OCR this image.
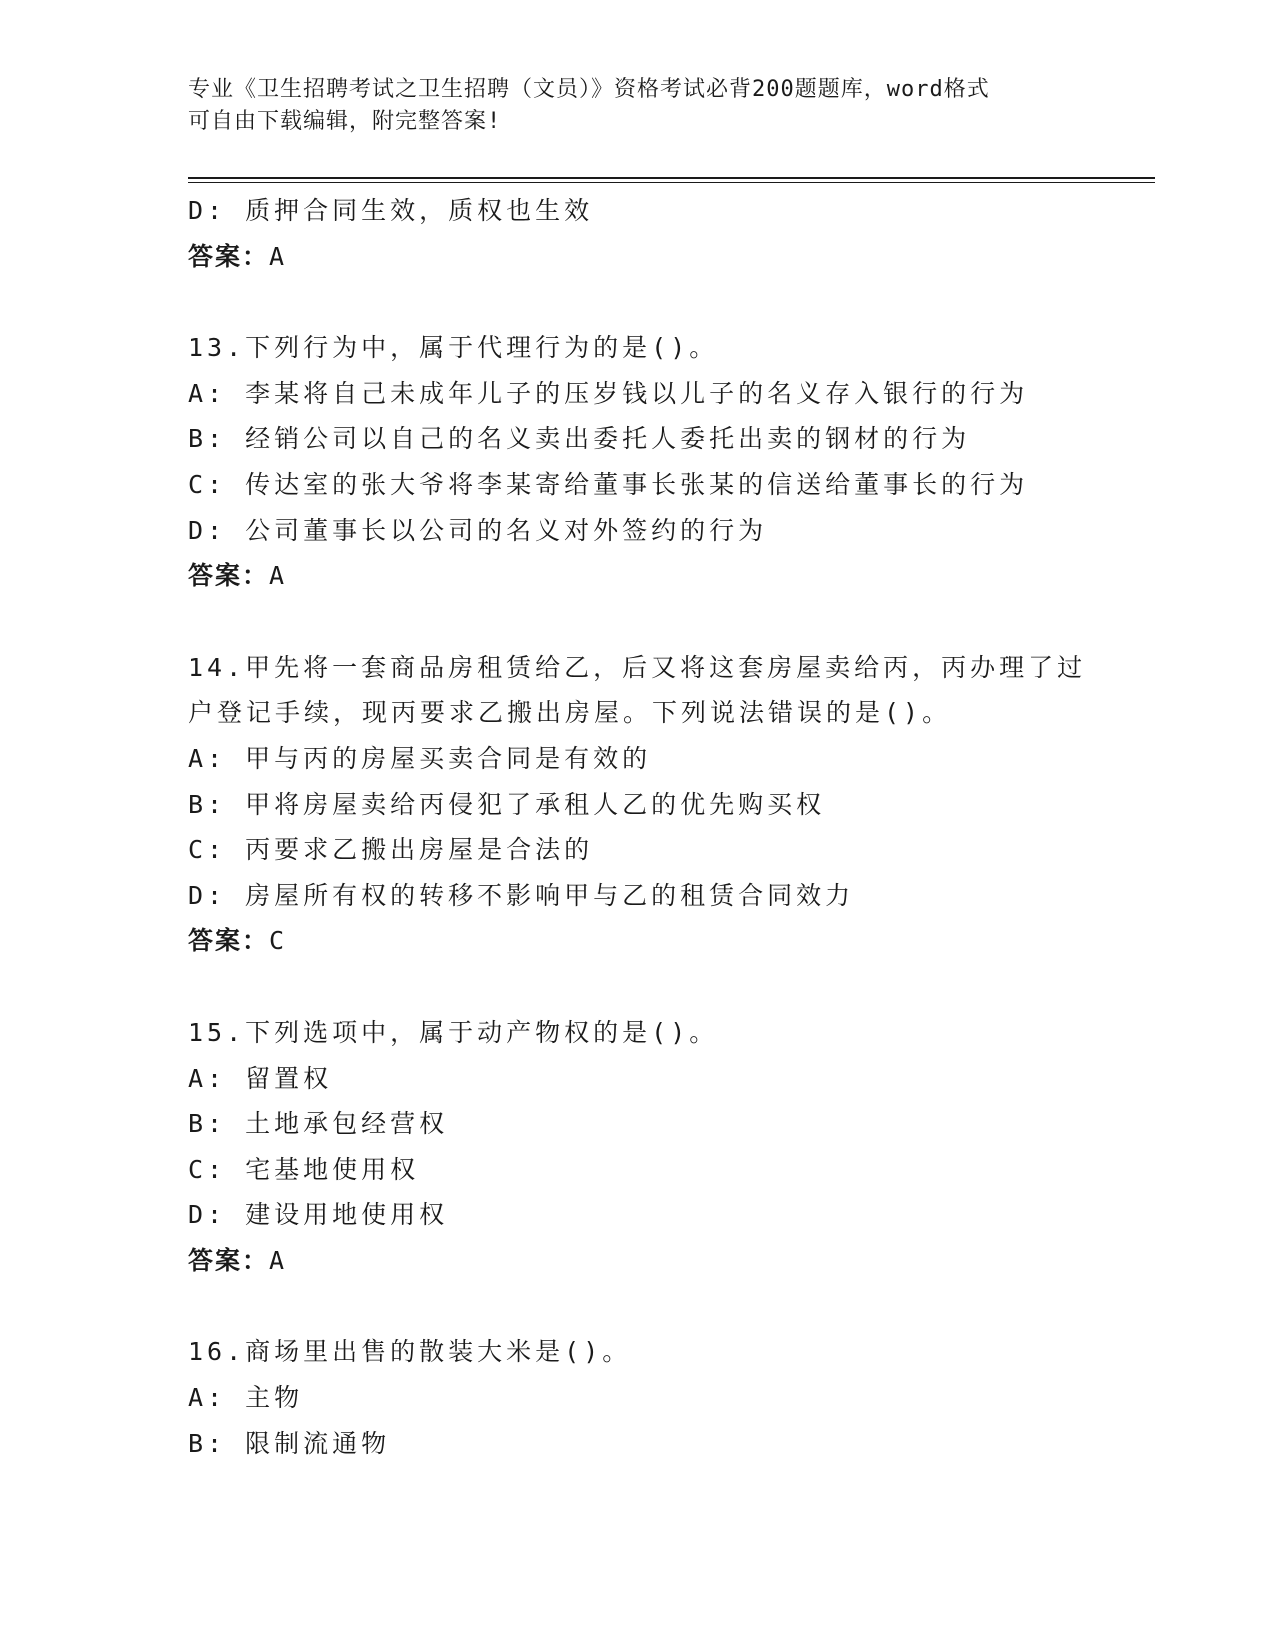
专业《卫生招聘考试之卫生招聘（文员）》资格考试必背200题题库，word格式
可自由下载编辑，附完整答案!
D: 质押合同生效，质权也生效
答案：A
13.下列行为中，属于代理行为的是()。
A: 李某将自己未成年儿子的压岁钱以儿子的名义存入银行的行为
B: 经销公司以自己的名义卖出委托人委托出卖的钢材的行为
C: 传达室的张大爷将李某寄给董事长张某的信送给董事长的行为
D: 公司董事长以公司的名义对外签约的行为
答案：A
14.甲先将一套商品房租赁给乙，后又将这套房屋卖给丙，丙办理了过
户登记手续，现丙要求乙搬出房屋。下列说法错误的是()。
A: 甲与丙的房屋买卖合同是有效的
B: 甲将房屋卖给丙侵犯了承租人乙的优先购买权
C: 丙要求乙搬出房屋是合法的
D: 房屋所有权的转移不影响甲与乙的租赁合同效力
答案：C
15.下列选项中，属于动产物权的是()。
A: 留置权
B: 土地承包经营权
C: 宅基地使用权
D: 建设用地使用权
答案：A
16.商场里出售的散装大米是()。
A: 主物
B: 限制流通物
